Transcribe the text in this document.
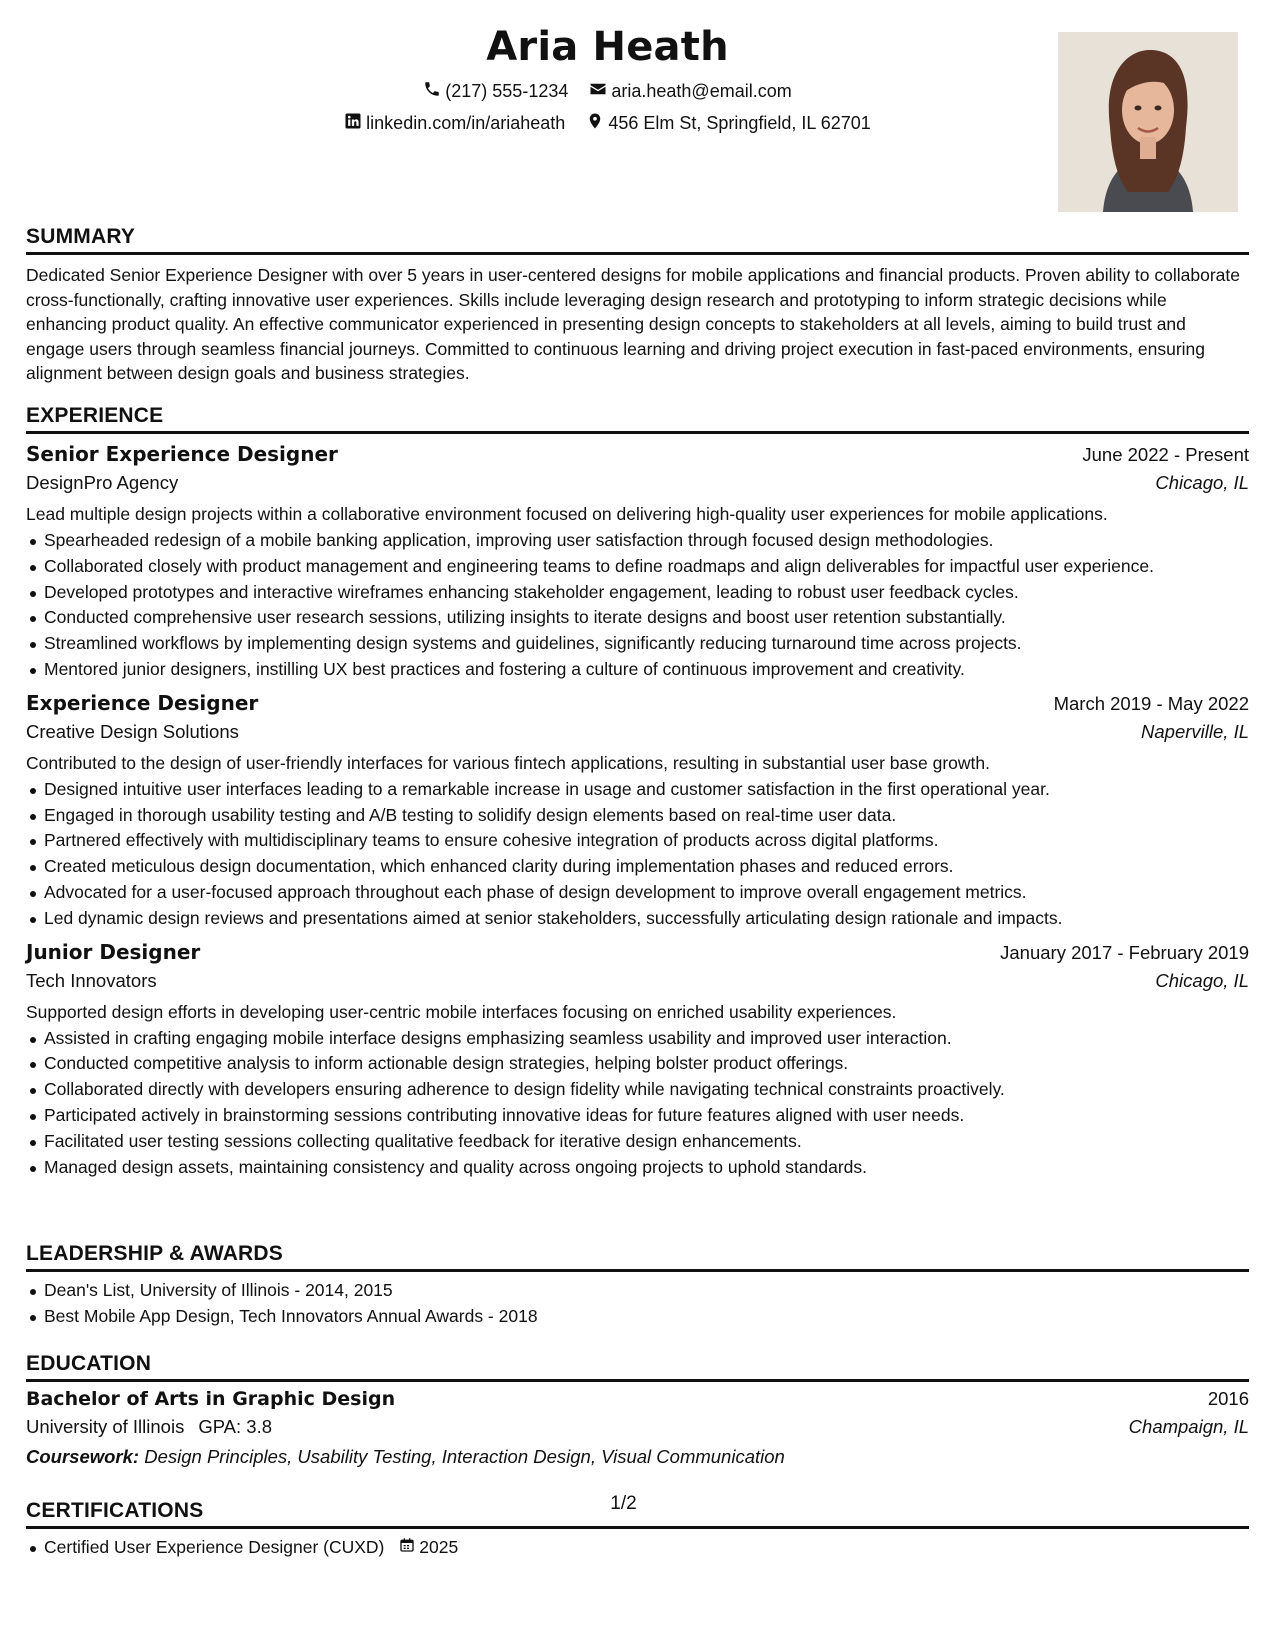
Aria Heath
(217) 555-1234
aria.heath@email.com
linkedin.com/in/ariaheath
456 Elm St, Springfield, IL 62701
SUMMARY
Dedicated Senior Experience Designer with over 5 years in user-centered designs for mobile applications and financial products. Proven ability to collaborate cross-functionally, crafting innovative user experiences. Skills include leveraging design research and prototyping to inform strategic decisions while enhancing product quality. An effective communicator experienced in presenting design concepts to stakeholders at all levels, aiming to build trust and engage users through seamless financial journeys. Committed to continuous learning and driving project execution in fast-paced environments, ensuring alignment between design goals and business strategies.
EXPERIENCE
Senior Experience Designer	June 2022 - Present
DesignPro Agency	Chicago, IL
Lead multiple design projects within a collaborative environment focused on delivering high-quality user experiences for mobile applications.
Spearheaded redesign of a mobile banking application, improving user satisfaction through focused design methodologies.
Collaborated closely with product management and engineering teams to define roadmaps and align deliverables for impactful user experience.
Developed prototypes and interactive wireframes enhancing stakeholder engagement, leading to robust user feedback cycles.
Conducted comprehensive user research sessions, utilizing insights to iterate designs and boost user retention substantially.
Streamlined workflows by implementing design systems and guidelines, significantly reducing turnaround time across projects.
Mentored junior designers, instilling UX best practices and fostering a culture of continuous improvement and creativity.
Experience Designer	March 2019 - May 2022
Creative Design Solutions	Naperville, IL
Contributed to the design of user-friendly interfaces for various fintech applications, resulting in substantial user base growth.
Designed intuitive user interfaces leading to a remarkable increase in usage and customer satisfaction in the first operational year.
Engaged in thorough usability testing and A/B testing to solidify design elements based on real-time user data.
Partnered effectively with multidisciplinary teams to ensure cohesive integration of products across digital platforms.
Created meticulous design documentation, which enhanced clarity during implementation phases and reduced errors.
Advocated for a user-focused approach throughout each phase of design development to improve overall engagement metrics.
Led dynamic design reviews and presentations aimed at senior stakeholders, successfully articulating design rationale and impacts.
Junior Designer	January 2017 - February 2019
Tech Innovators	Chicago, IL
Supported design efforts in developing user-centric mobile interfaces focusing on enriched usability experiences.
Assisted in crafting engaging mobile interface designs emphasizing seamless usability and improved user interaction.
Conducted competitive analysis to inform actionable design strategies, helping bolster product offerings.
Collaborated directly with developers ensuring adherence to design fidelity while navigating technical constraints proactively.
Participated actively in brainstorming sessions contributing innovative ideas for future features aligned with user needs.
Facilitated user testing sessions collecting qualitative feedback for iterative design enhancements.
Managed design assets, maintaining consistency and quality across ongoing projects to uphold standards.
LEADERSHIP & AWARDS
Dean's List, University of Illinois - 2014, 2015
Best Mobile App Design, Tech Innovators Annual Awards - 2018
EDUCATION
Bachelor of Arts in Graphic Design	2016
University of Illinois GPA: 3.8	Champaign, IL
Coursework: Design Principles, Usability Testing, Interaction Design, Visual Communication
CERTIFICATIONS
Certified User Experience Designer (CUXD) 2025
1/2
